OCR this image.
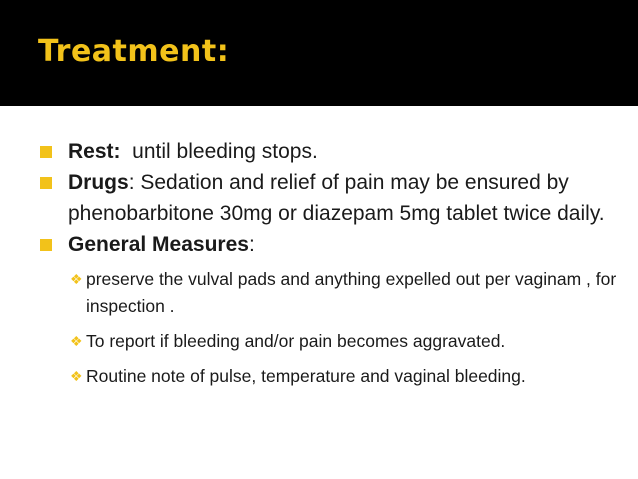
Treatment:
Rest:  until bleeding stops.
Drugs: Sedation and relief of pain may be ensured by phenobarbitone 30mg or diazepam 5mg tablet twice daily.
General Measures:
❖ preserve the vulval pads and anything expelled out per vaginam , for inspection .
❖ To report if bleeding and/or pain becomes aggravated.
❖ Routine note of pulse, temperature and vaginal bleeding.
